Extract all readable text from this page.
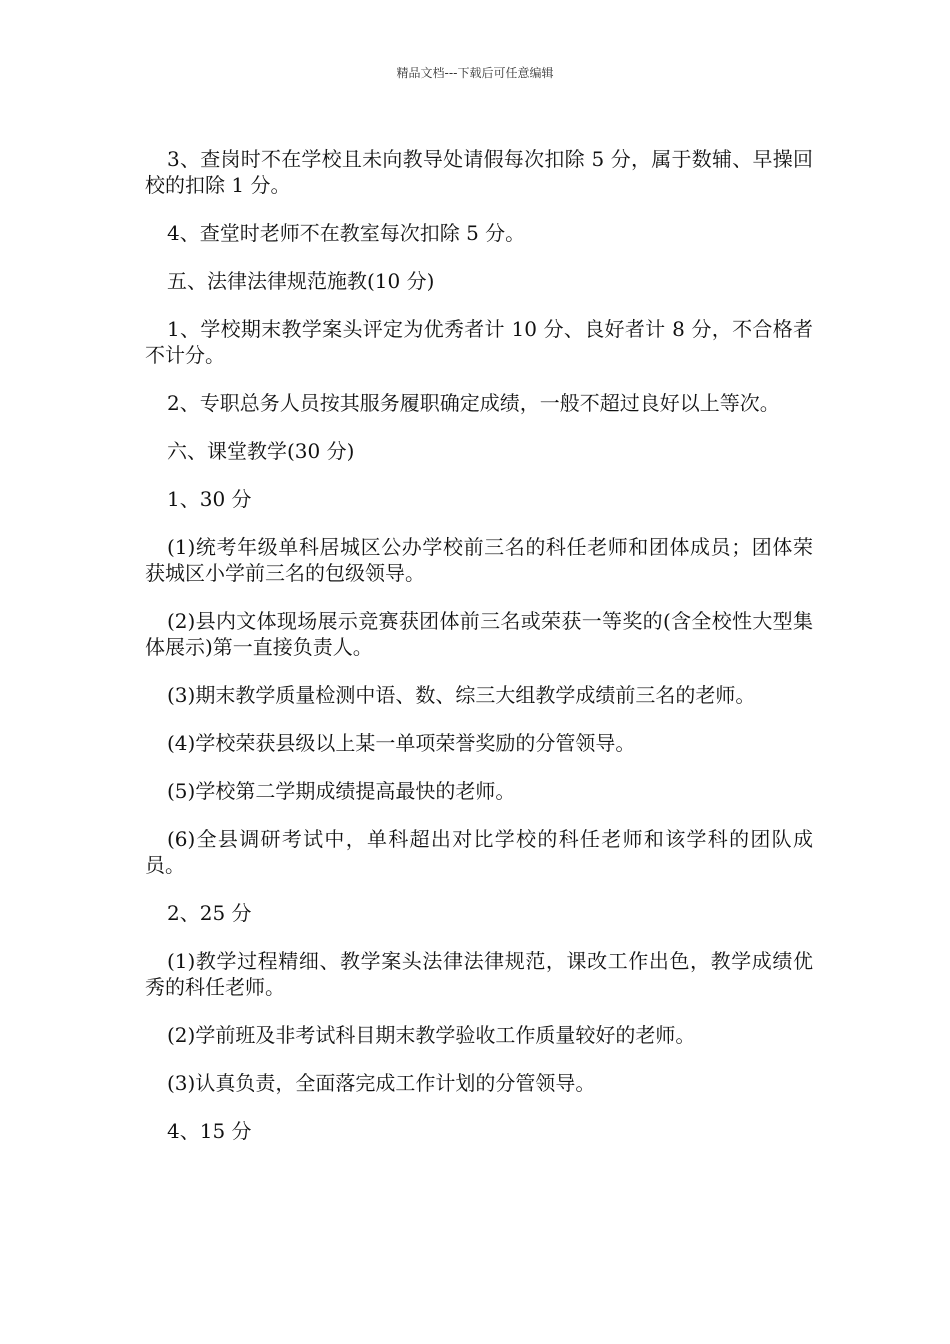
精品文档---下载后可任意编辑

3、查岗时不在学校且未向教导处请假每次扣除 5 分，属于数辅、早操回校的扣除 1 分。

4、查堂时老师不在教室每次扣除 5 分。

五、法律法律规范施教(10 分)

1、学校期末教学案头评定为优秀者计 10 分、良好者计 8 分，不合格者不计分。

2、专职总务人员按其服务履职确定成绩，一般不超过良好以上等次。

六、课堂教学(30 分)

1、30 分

(1)统考年级单科居城区公办学校前三名的科任老师和团体成员；团体荣获城区小学前三名的包级领导。

(2)县内文体现场展示竞赛获团体前三名或荣获一等奖的(含全校性大型集体展示)第一直接负责人。

(3)期末教学质量检测中语、数、综三大组教学成绩前三名的老师。

(4)学校荣获县级以上某一单项荣誉奖励的分管领导。

(5)学校第二学期成绩提高最快的老师。

(6)全县调研考试中，单科超出对比学校的科任老师和该学科的团队成员。

2、25 分

(1)教学过程精细、教学案头法律法律规范，课改工作出色，教学成绩优秀的科任老师。

(2)学前班及非考试科目期末教学验收工作质量较好的老师。

(3)认真负责，全面落完成工作计划的分管领导。

4、15 分
